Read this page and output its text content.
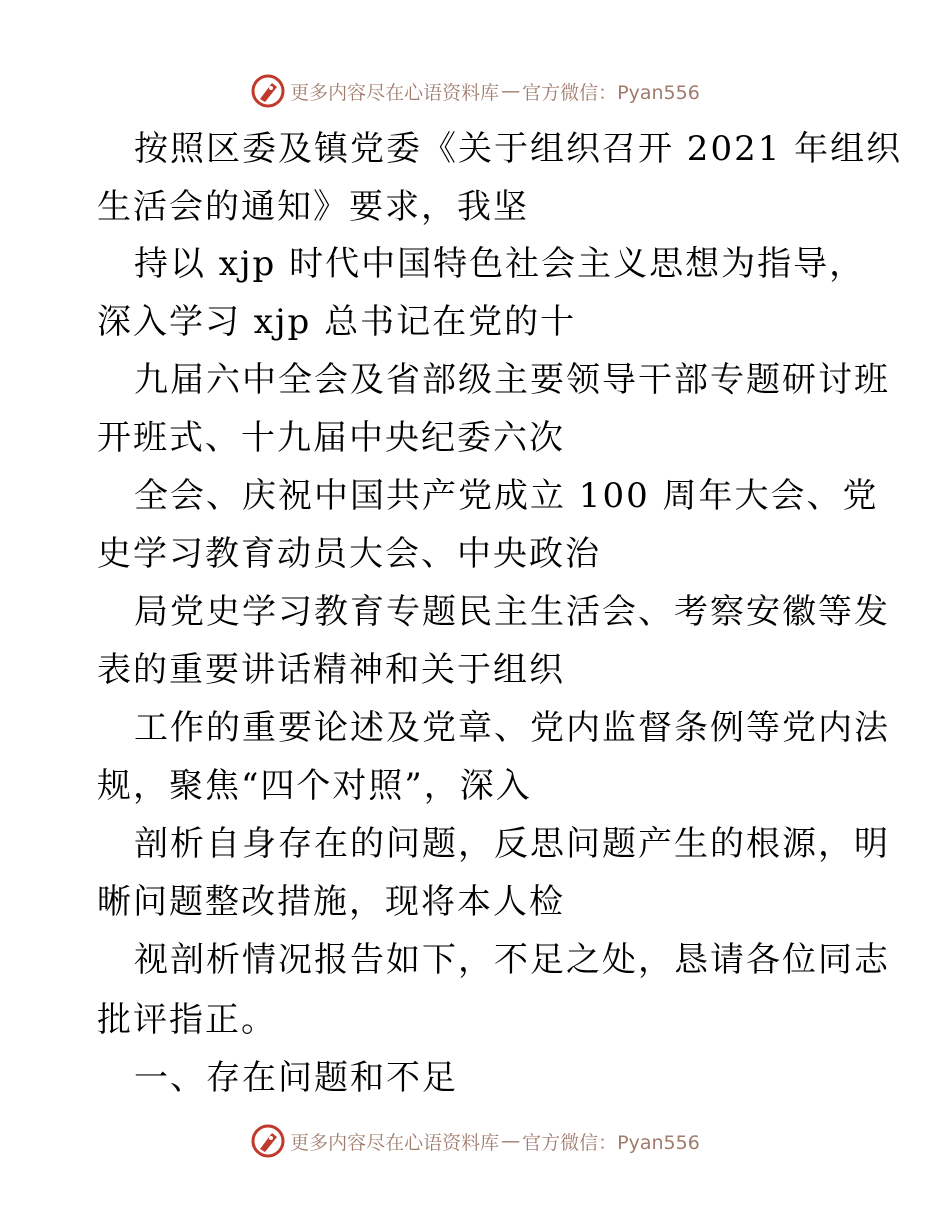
更多内容尽在心语资料库 — 官方微信：Pyan556

按照区委及镇党委《关于组织召开 2021 年组织

生活会的通知》要求，我坚

持以 xjp 时代中国特色社会主义思想为指导，

深入学习 xjp 总书记在党的十

九届六中全会及省部级主要领导干部专题研讨班

开班式、十九届中央纪委六次

全会、庆祝中国共产党成立 100 周年大会、党

史学习教育动员大会、中央政治

局党史学习教育专题民主生活会、考察安徽等发

表的重要讲话精神和关于组织

工作的重要论述及党章、党内监督条例等党内法

规，聚焦“四个对照”，深入

剖析自身存在的问题，反思问题产生的根源，明

晰问题整改措施，现将本人检

视剖析情况报告如下，不足之处，恳请各位同志

批评指正。

一、存在问题和不足

更多内容尽在心语资料库 — 官方微信：Pyan556
